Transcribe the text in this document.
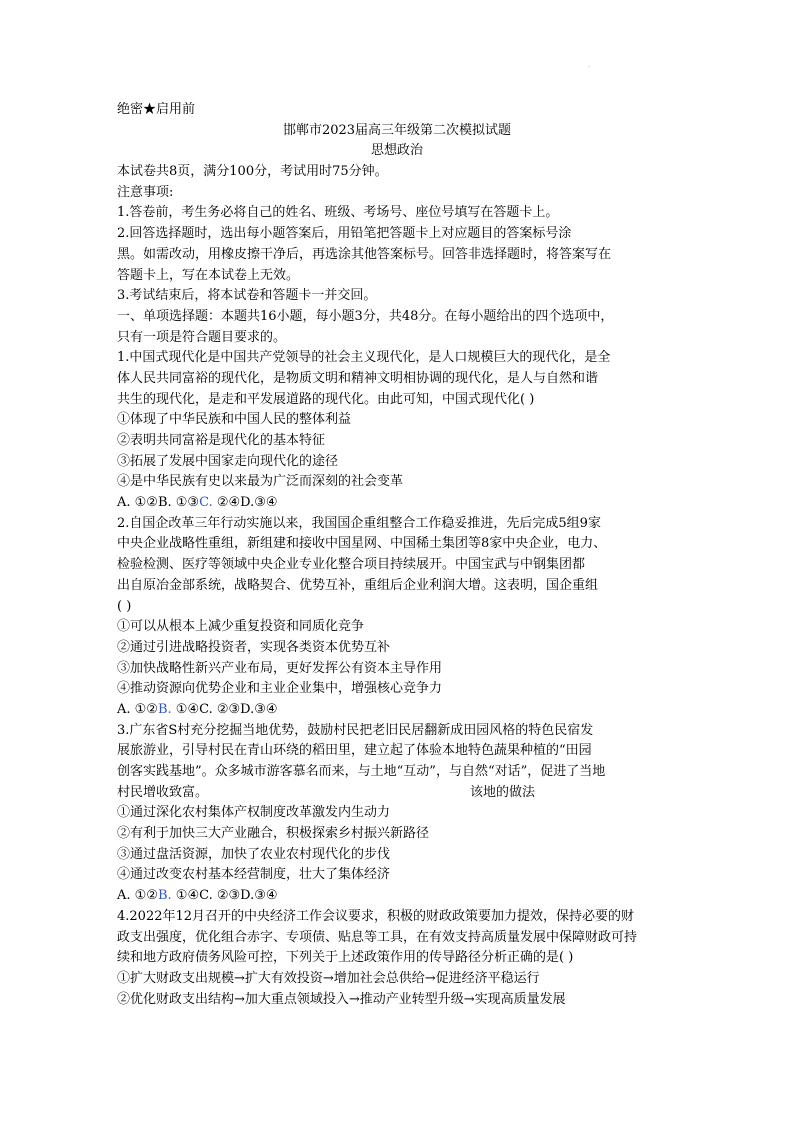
.
绝密★启用前
邯郸市2023届高三年级第二次模拟试题
思想政治
本试卷共8页，满分100分，考试用时75分钟。
注意事项:
1.答卷前，考生务必将自己的姓名、班级、考场号、座位号填写在答题卡上。
2.回答选择题时，选出每小题答案后，用铅笔把答题卡上对应题目的答案标号涂
黑。如需改动，用橡皮擦干净后，再选涂其他答案标号。回答非选择题时，将答案写在
答题卡上，写在本试卷上无效。
3.考试结束后，将本试卷和答题卡一并交回。
一、单项选择题：本题共16小题，每小题3分，共48分。在每小题给出的四个选项中，
只有一项是符合题目要求的。
1.中国式现代化是中国共产党领导的社会主义现代化，是人口规模巨大的现代化，是全
体人民共同富裕的现代化，是物质文明和精神文明相协调的现代化，是人与自然和谐
共生的现代化，是走和平发展道路的现代化。由此可知，中国式现代化( )
①体现了中华民族和中国人民的整体利益
②表明共同富裕是现代化的基本特征
③拓展了发展中国家走向现代化的途径
④是中华民族有史以来最为广泛而深刻的社会变革
A. ①②B. ①③C. ②④D.③④
2.自国企改革三年行动实施以来，我国国企重组整合工作稳妥推进，先后完成5组9家
中央企业战略性重组，新组建和接收中国星网、中国稀土集团等8家中央企业，电力、
检验检测、医疗等领域中央企业专业化整合项目持续展开。中国宝武与中钢集团都
出自原冶金部系统，战略契合、优势互补，重组后企业利润大增。这表明，国企重组
( )
①可以从根本上减少重复投资和同质化竞争
②通过引进战略投资者，实现各类资本优势互补
③加快战略性新兴产业布局，更好发挥公有资本主导作用
④推动资源向优势企业和主业企业集中，增强核心竞争力
A. ①②B. ①④C. ②③D.③④
3.广东省S村充分挖掘当地优势，鼓励村民把老旧民居翻新成田园风格的特色民宿发
展旅游业，引导村民在青山环绕的稻田里，建立起了体验本地特色蔬果种植的“田园
创客实践基地”。众多城市游客慕名而来，与土地“互动”，与自然“对话”，促进了当地
村民增收致富。	该地的做法
①通过深化农村集体产权制度改革激发内生动力
②有利于加快三大产业融合，积极探索乡村振兴新路径
③通过盘活资源，加快了农业农村现代化的步伐
④通过改变农村基本经营制度，壮大了集体经济
A. ①②B. ①④C. ②③D.③④
4.2022年12月召开的中央经济工作会议要求，积极的财政政策要加力提效，保持必要的财
政支出强度，优化组合赤字、专项债、贴息等工具，在有效支持高质量发展中保障财政可持
续和地方政府债务风险可控，下列关于上述政策作用的传导路径分析正确的是( )
①扩大财政支出规模→扩大有效投资→增加社会总供给→促进经济平稳运行
②优化财政支出结构→加大重点领域投入→推动产业转型升级→实现高质量发展
